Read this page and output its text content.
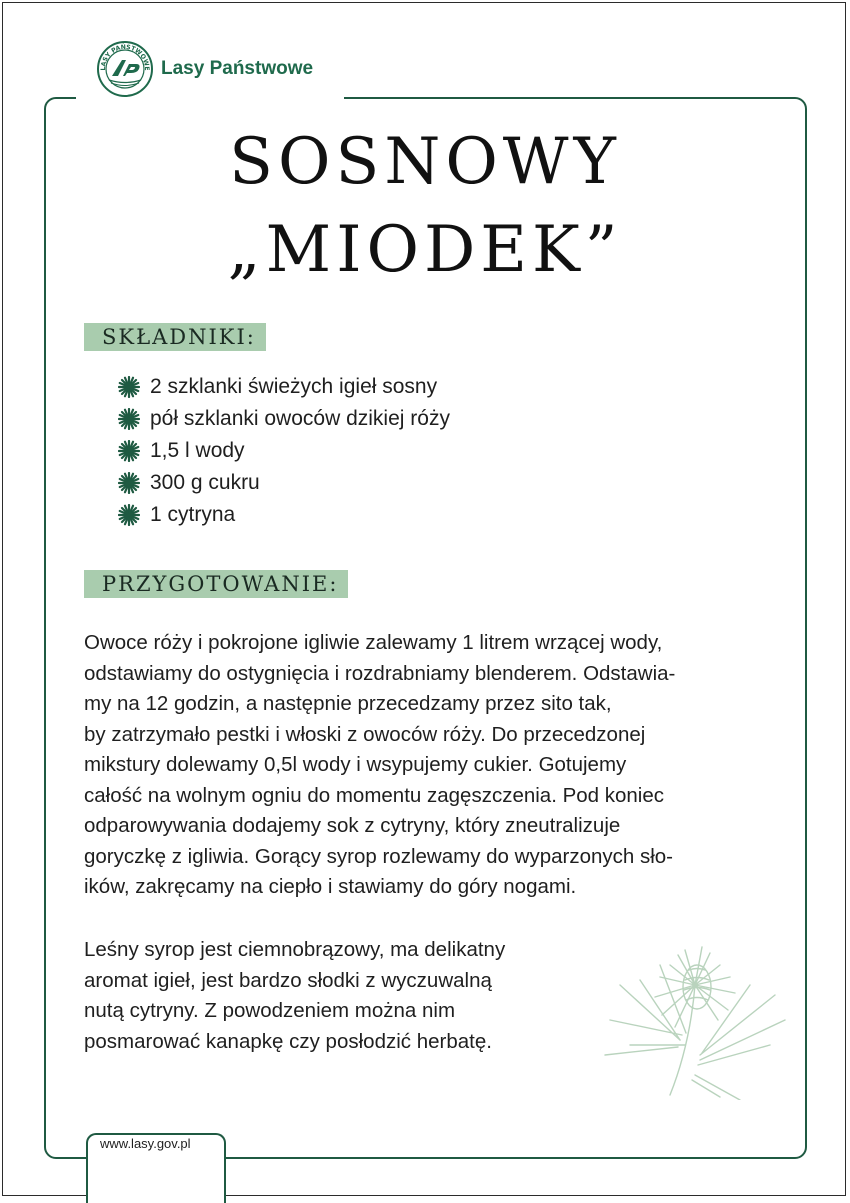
LASY PAŃSTWOWE Lasy Państwowe
SOSNOWY
„MIODEK”
SKŁADNIKI:
2 szklanki świeżych igieł sosny
pół szklanki owoców dzikiej róży
1,5 l wody
300 g cukru
1 cytryna
PRZYGOTOWANIE:
Owoce róży i pokrojone igliwie zalewamy 1 litrem wrzącej wody,
odstawiamy do ostygnięcia i rozdrabniamy blenderem. Odstawia-
my na 12 godzin, a następnie przecedzamy przez sito tak,
by zatrzymało pestki i włoski z owoców róży. Do przecedzonej
mikstury dolewamy 0,5l wody i wsypujemy cukier. Gotujemy
całość na wolnym ogniu do momentu zagęszczenia. Pod koniec
odparowywania dodajemy sok z cytryny, który zneutralizuje
goryczkę z igliwia. Gorący syrop rozlewamy do wyparzonych sło-
ików, zakręcamy na ciepło i stawiamy do góry nogami.
Leśny syrop jest ciemnobrązowy, ma delikatny
aromat igieł, jest bardzo słodki z wyczuwalną
nutą cytryny. Z powodzeniem można nim
posmarować kanapkę czy posłodzić herbatę.
www.lasy.gov.pl
